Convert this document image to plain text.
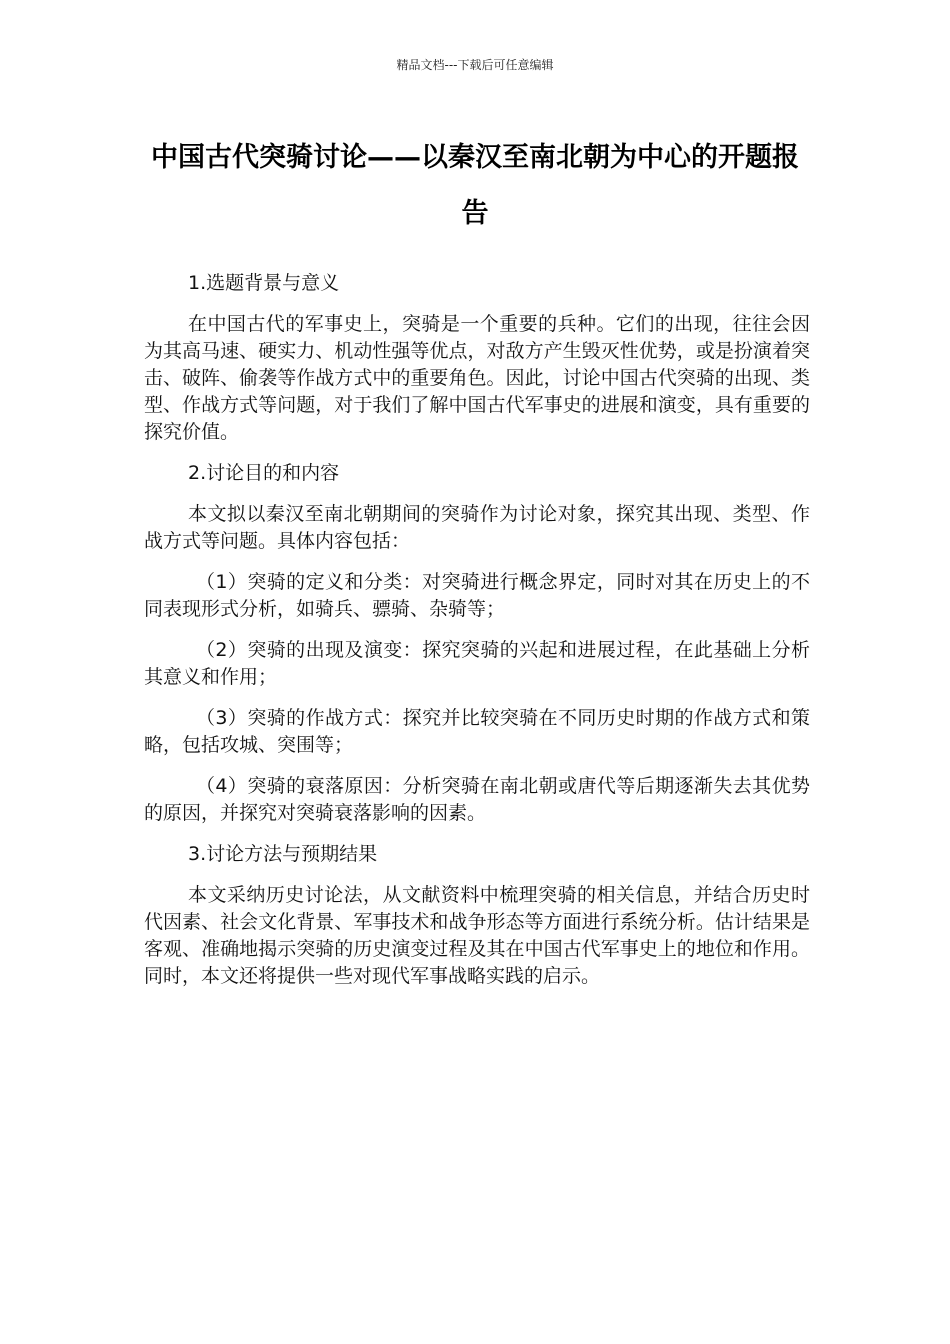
精品文档---下载后可任意编辑
中国古代突骑讨论——以秦汉至南北朝为中心的开题报告

1.选题背景与意义

在中国古代的军事史上，突骑是一个重要的兵种。它们的出现，往往会因为其高马速、硬实力、机动性强等优点，对敌方产生毁灭性优势，或是扮演着突击、破阵、偷袭等作战方式中的重要角色。因此，讨论中国古代突骑的出现、类型、作战方式等问题，对于我们了解中国古代军事史的进展和演变，具有重要的探究价值。

2.讨论目的和内容

本文拟以秦汉至南北朝期间的突骑作为讨论对象，探究其出现、类型、作战方式等问题。具体内容包括：

（1）突骑的定义和分类：对突骑进行概念界定，同时对其在历史上的不同表现形式分析，如骑兵、骠骑、杂骑等；

（2）突骑的出现及演变：探究突骑的兴起和进展过程，在此基础上分析其意义和作用；

（3）突骑的作战方式：探究并比较突骑在不同历史时期的作战方式和策略，包括攻城、突围等；

（4）突骑的衰落原因：分析突骑在南北朝或唐代等后期逐渐失去其优势的原因，并探究对突骑衰落影响的因素。

3.讨论方法与预期结果

本文采纳历史讨论法，从文献资料中梳理突骑的相关信息，并结合历史时代因素、社会文化背景、军事技术和战争形态等方面进行系统分析。估计结果是客观、准确地揭示突骑的历史演变过程及其在中国古代军事史上的地位和作用。同时，本文还将提供一些对现代军事战略实践的启示。
